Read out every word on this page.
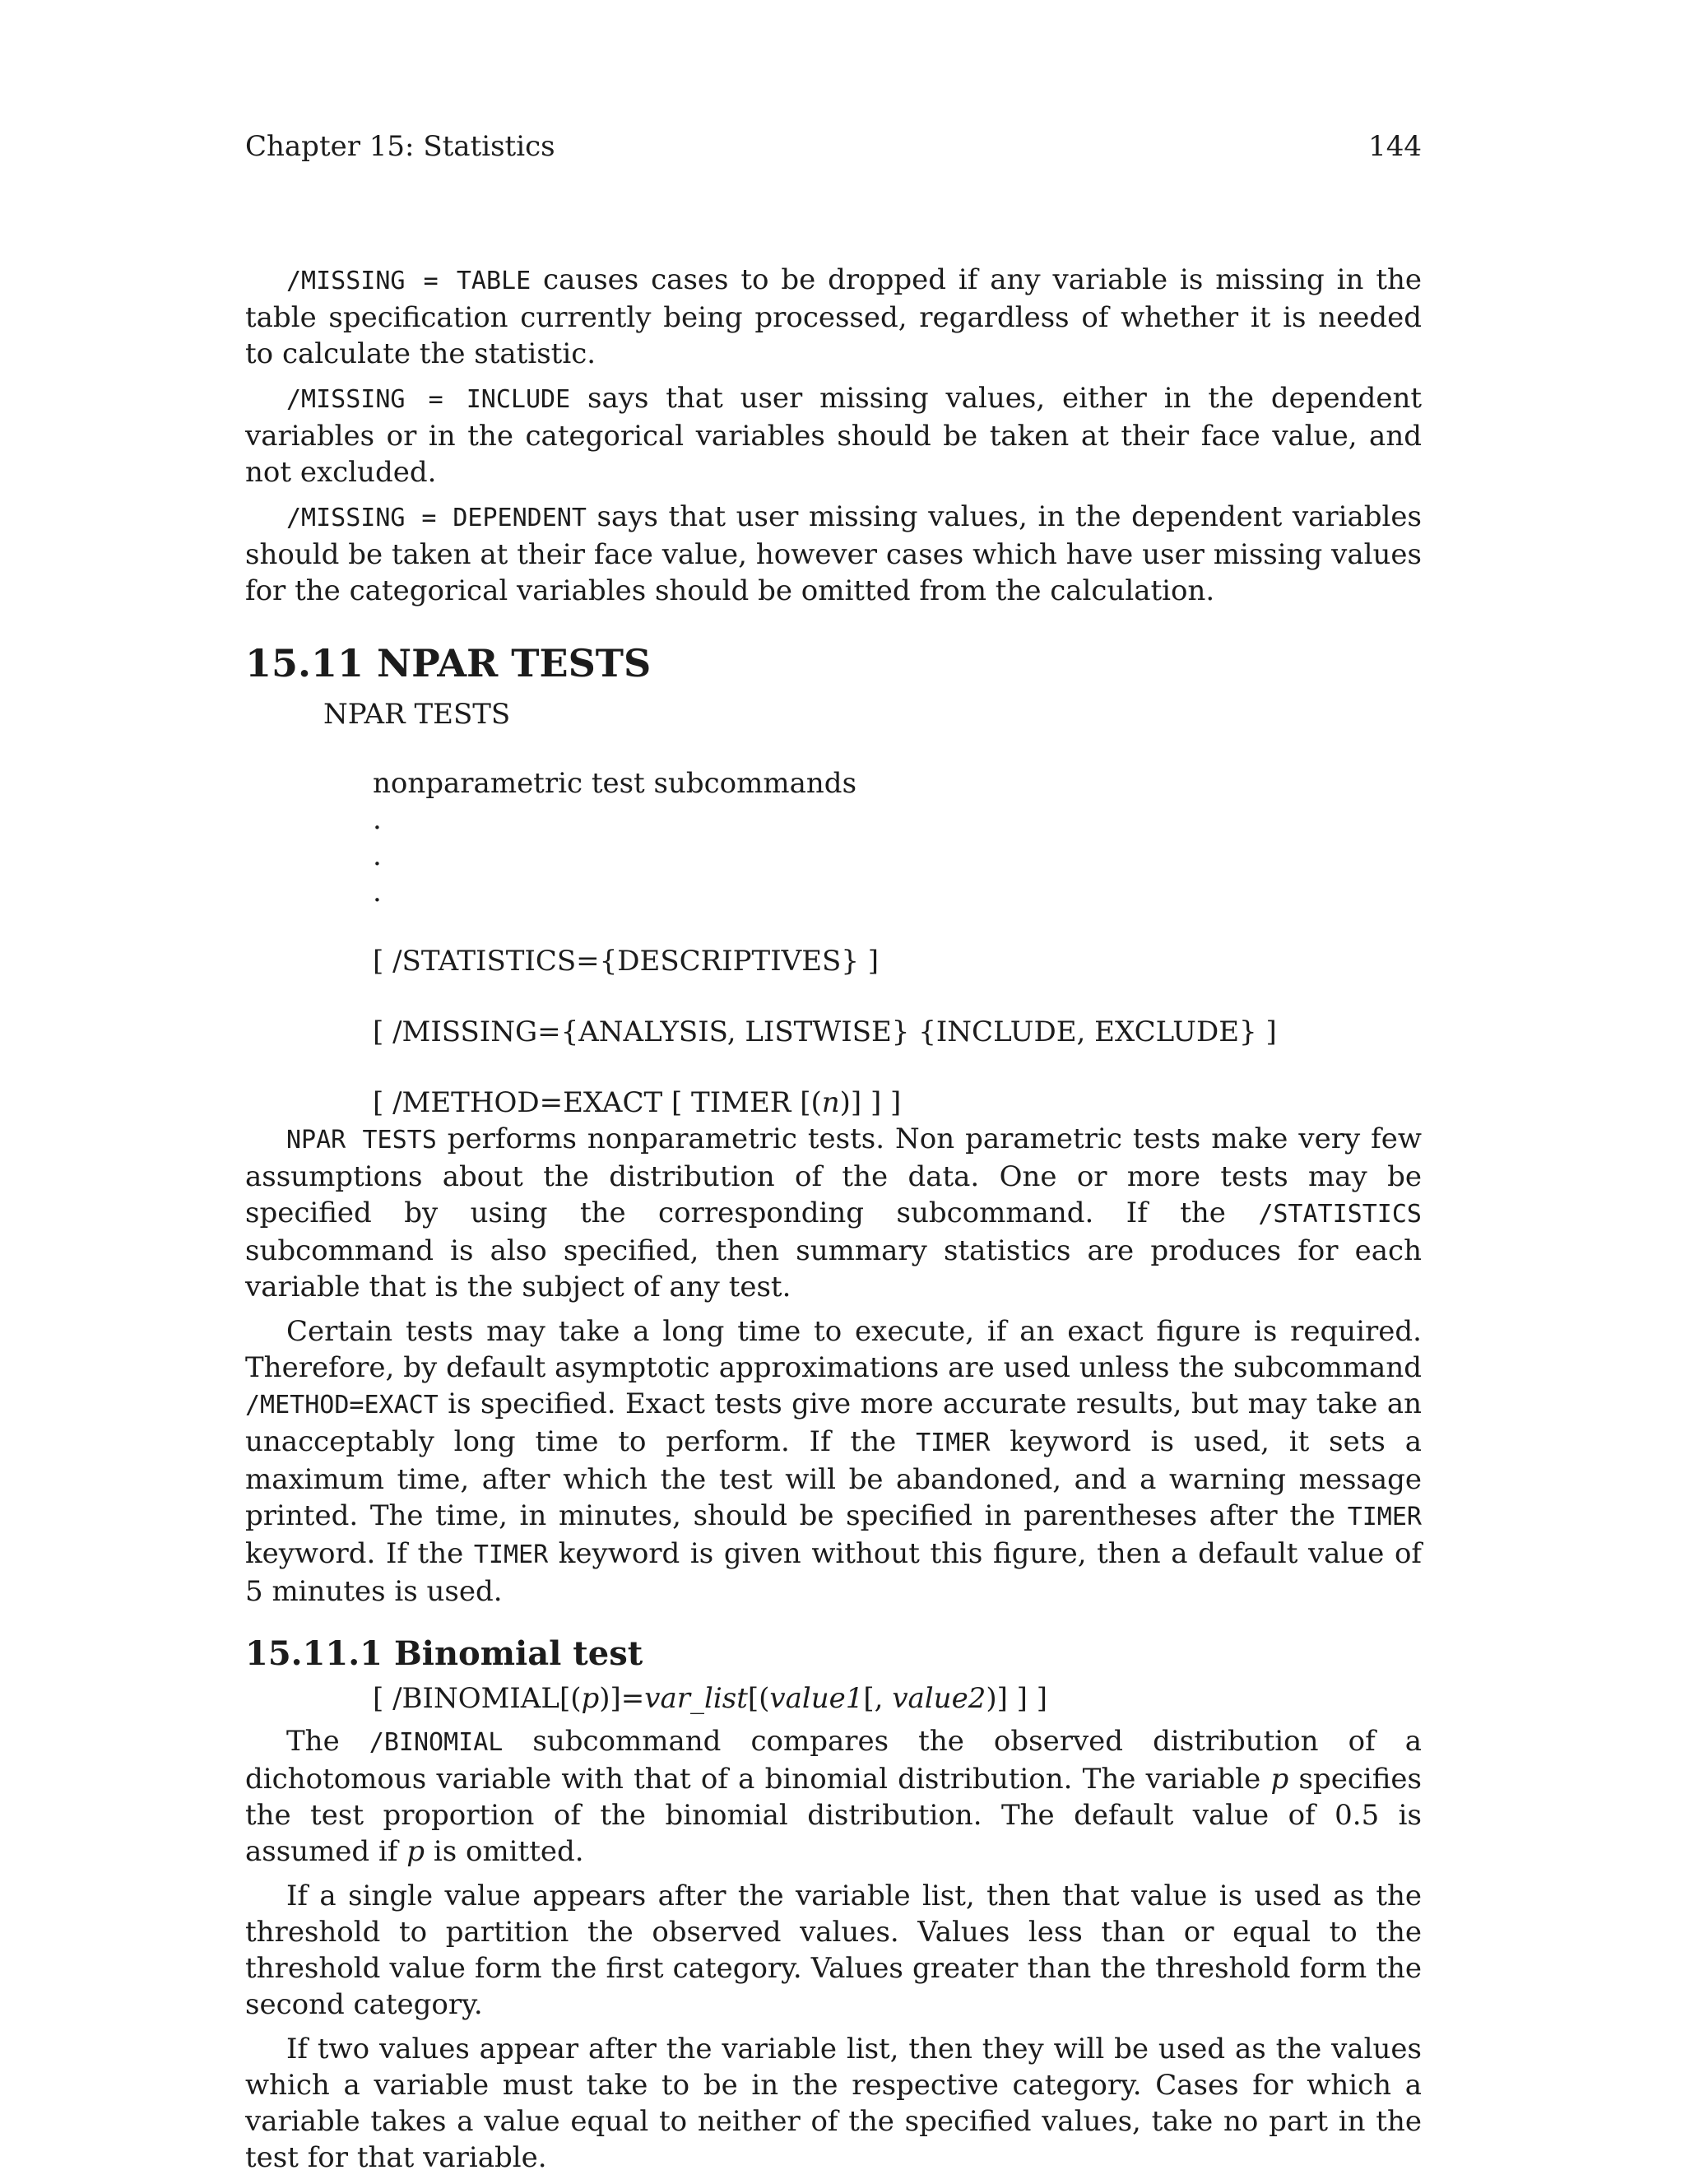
Chapter 15: Statistics	144

/MISSING = TABLE causes cases to be dropped if any variable is missing in the table specification currently being processed, regardless of whether it is needed to calculate the statistic.

/MISSING = INCLUDE says that user missing values, either in the dependent variables or in the categorical variables should be taken at their face value, and not excluded.

/MISSING = DEPENDENT says that user missing values, in the dependent variables should be taken at their face value, however cases which have user missing values for the categorical variables should be omitted from the calculation.

15.11 NPAR TESTS
NPAR TESTS
nonparametric test subcommands
.
.
.
[ /STATISTICS={DESCRIPTIVES} ]
[ /MISSING={ANALYSIS, LISTWISE} {INCLUDE, EXCLUDE} ]
[ /METHOD=EXACT [ TIMER [(n)] ] ]

NPAR TESTS performs nonparametric tests. Non parametric tests make very few assumptions about the distribution of the data. One or more tests may be specified by using the corresponding subcommand. If the /STATISTICS subcommand is also specified, then summary statistics are produces for each variable that is the subject of any test.

Certain tests may take a long time to execute, if an exact figure is required. Therefore, by default asymptotic approximations are used unless the subcommand /METHOD=EXACT is specified. Exact tests give more accurate results, but may take an unacceptably long time to perform. If the TIMER keyword is used, it sets a maximum time, after which the test will be abandoned, and a warning message printed. The time, in minutes, should be specified in parentheses after the TIMER keyword. If the TIMER keyword is given without this figure, then a default value of 5 minutes is used.

15.11.1 Binomial test
[ /BINOMIAL[(p)]=var_list[(value1[, value2)] ] ]

The /BINOMIAL subcommand compares the observed distribution of a dichotomous variable with that of a binomial distribution. The variable p specifies the test proportion of the binomial distribution. The default value of 0.5 is assumed if p is omitted.

If a single value appears after the variable list, then that value is used as the threshold to partition the observed values. Values less than or equal to the threshold value form the first category. Values greater than the threshold form the second category.

If two values appear after the variable list, then they will be used as the values which a variable must take to be in the respective category. Cases for which a variable takes a value equal to neither of the specified values, take no part in the test for that variable.
